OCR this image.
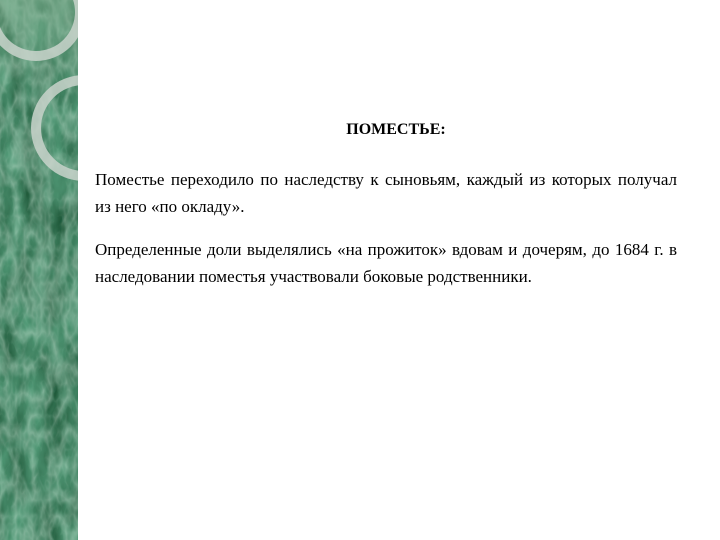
ПОМЕСТЬЕ:

Поместье переходило по наследству к сыновьям, каждый из которых получал из него «по окладу».

Определенные доли выделялись «на прожиток» вдовам и дочерям, до 1684 г. в наследовании поместья участвовали боковые родственники.
